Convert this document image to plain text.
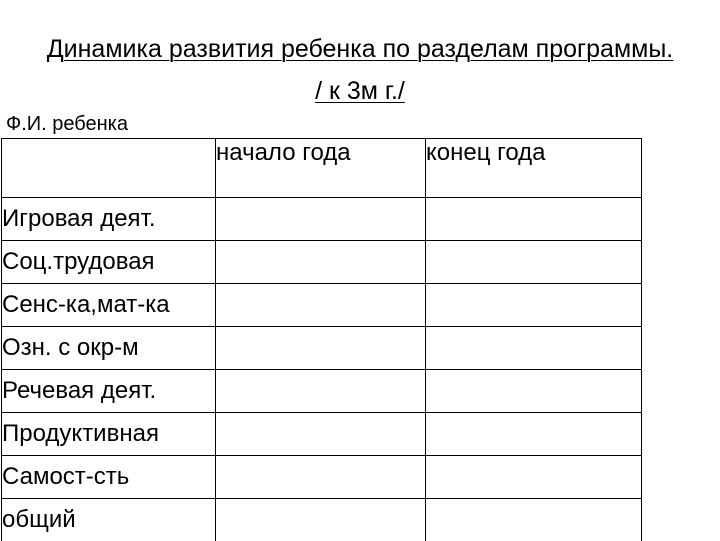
Динамика развития ребенка по разделам программы.
/ к 3м г./
Ф.И. ребенка
	начало года	конец года
Игровая деят.		
Соц.трудовая		
Сенс-ка,мат-ка		
Озн. с окр-м		
Речевая деят.		
Продуктивная		
Самост-сть		
общий		
